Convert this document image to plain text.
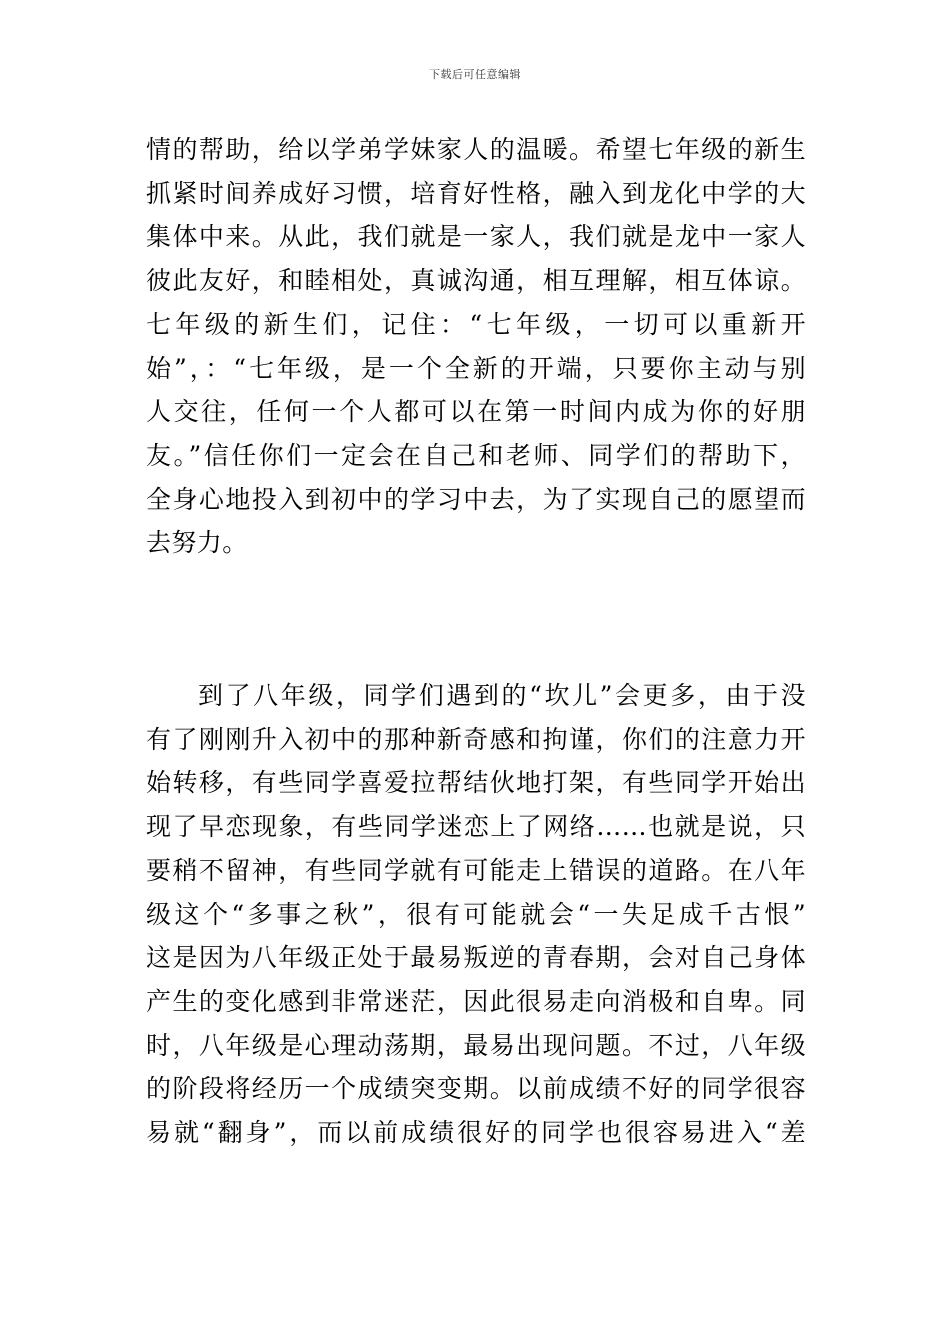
下载后可任意编辑
情的帮助，给以学弟学妹家人的温暖。希望七年级的新生
抓紧时间养成好习惯，培育好性格，融入到龙化中学的大
集体中来。从此，我们就是一家人，我们就是龙中一家人
彼此友好，和睦相处，真诚沟通，相互理解，相互体谅。
七年级的新生们，记住：“七年级，一切可以重新开
始”，：“七年级，是一个全新的开端，只要你主动与别
人交往，任何一个人都可以在第一时间内成为你的好朋
友。”信任你们一定会在自己和老师、同学们的帮助下，
全身心地投入到初中的学习中去，为了实现自己的愿望而
去努力。
到了八年级，同学们遇到的“坎儿”会更多，由于没
有了刚刚升入初中的那种新奇感和拘谨，你们的注意力开
始转移，有些同学喜爱拉帮结伙地打架，有些同学开始出
现了早恋现象，有些同学迷恋上了网络……也就是说，只
要稍不留神，有些同学就有可能走上错误的道路。在八年
级这个“多事之秋”，很有可能就会“一失足成千古恨”
这是因为八年级正处于最易叛逆的青春期，会对自己身体
产生的变化感到非常迷茫，因此很易走向消极和自卑。同
时，八年级是心理动荡期，最易出现问题。不过，八年级
的阶段将经历一个成绩突变期。以前成绩不好的同学很容
易就“翻身”，而以前成绩很好的同学也很容易进入“差
